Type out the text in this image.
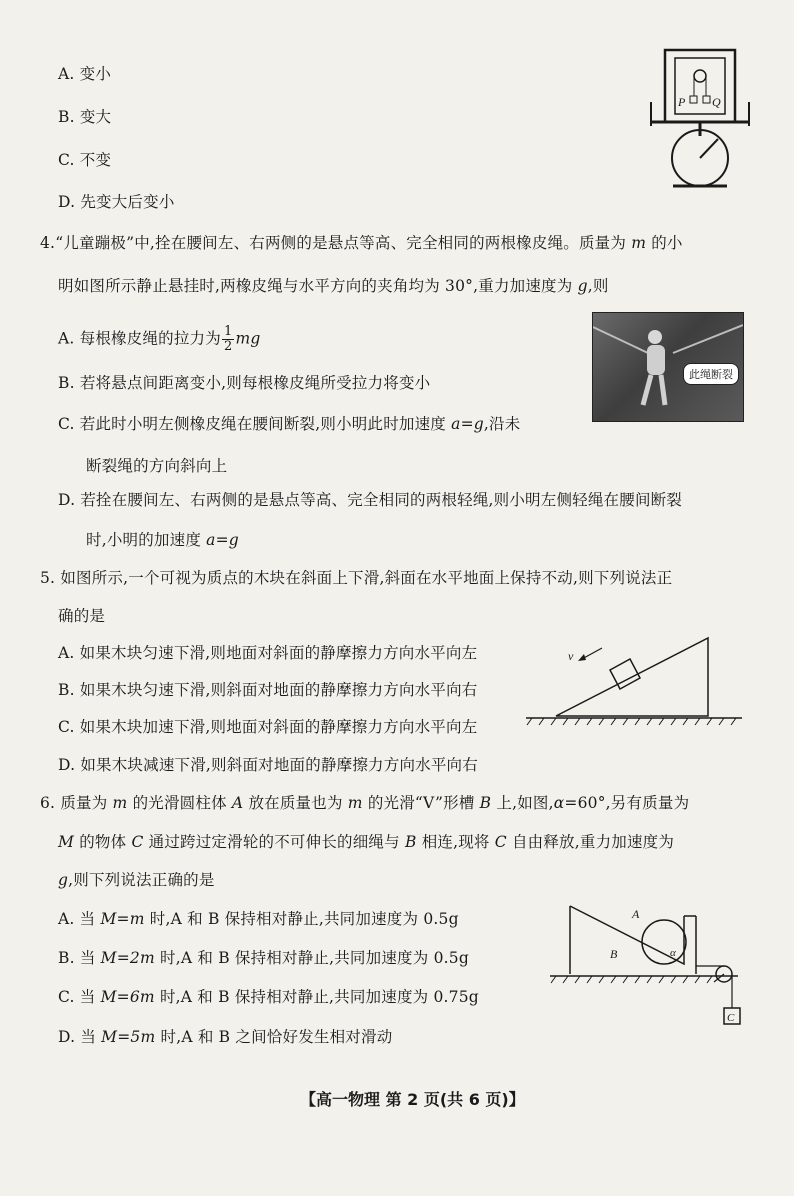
A. 变小
B. 变大
C. 不变
D. 先变大后变小
P Q
4.“儿童蹦极”中,拴在腰间左、右两侧的是悬点等高、完全相同的两根橡皮绳。质量为 m 的小
明如图所示静止悬挂时,两橡皮绳与水平方向的夹角均为 30°,重力加速度为 g,则
A. 每根橡皮绳的拉力为 $\frac{1}{2}$ mg
B. 若将悬点间距离变小,则每根橡皮绳所受拉力将变小
C. 若此时小明左侧橡皮绳在腰间断裂,则小明此时加速度 a=g,沿未
断裂绳的方向斜向上
D. 若拴在腰间左、右两侧的是悬点等高、完全相同的两根轻绳,则小明左侧轻绳在腰间断裂
时,小明的加速度 a=g
此绳断裂
5. 如图所示,一个可视为质点的木块在斜面上下滑,斜面在水平地面上保持不动,则下列说法正
确的是
A. 如果木块匀速下滑,则地面对斜面的静摩擦力方向水平向左
B. 如果木块匀速下滑,则斜面对地面的静摩擦力方向水平向右
C. 如果木块加速下滑,则地面对斜面的静摩擦力方向水平向左
D. 如果木块减速下滑,则斜面对地面的静摩擦力方向水平向右
v
6. 质量为 m 的光滑圆柱体 A 放在质量也为 m 的光滑“V”形槽 B 上,如图,α=60°,另有质量为
M 的物体 C 通过跨过定滑轮的不可伸长的细绳与 B 相连,现将 C 自由释放,重力加速度为
g,则下列说法正确的是
A. 当 M=m 时,A 和 B 保持相对静止,共同加速度为 0.5g
B. 当 M=2m 时,A 和 B 保持相对静止,共同加速度为 0.5g
C. 当 M=6m 时,A 和 B 保持相对静止,共同加速度为 0.75g
D. 当 M=5m 时,A 和 B 之间恰好发生相对滑动
A
B	α
C
【高一物理 第 2 页(共 6 页)】
